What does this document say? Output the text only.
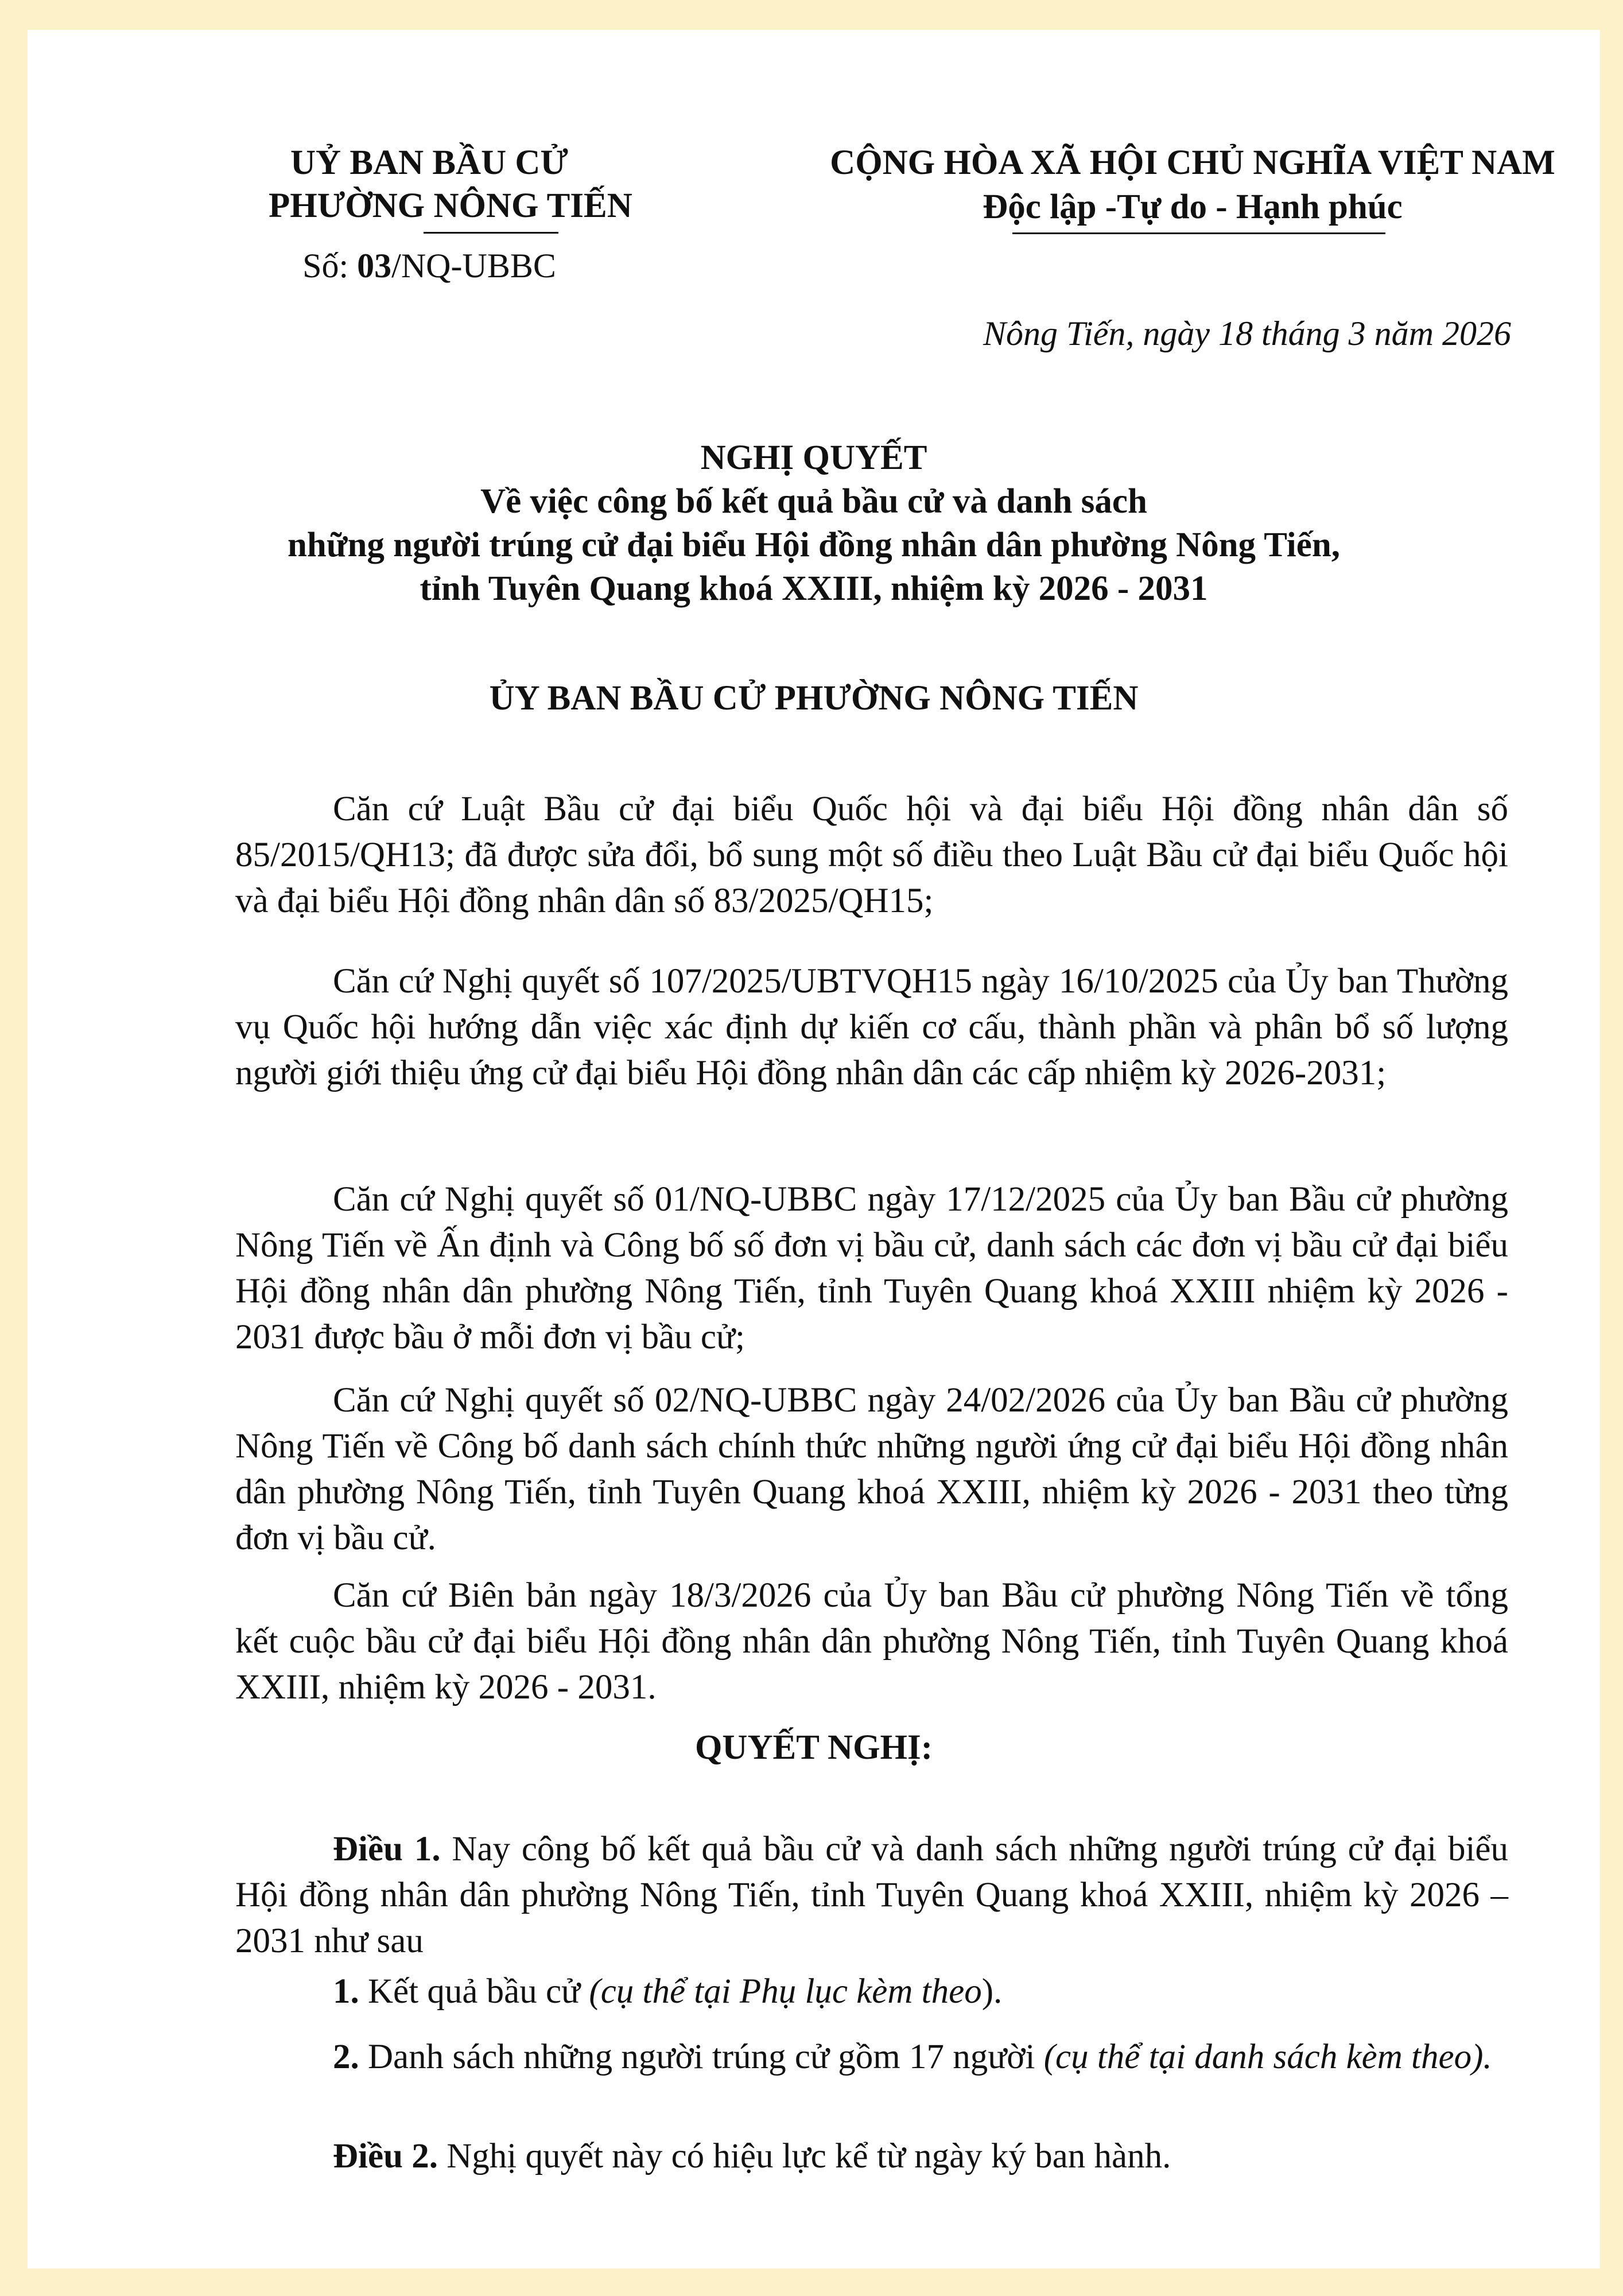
UỶ BAN BẦU CỬ
PHƯỜNG NÔNG TIẾN
Số: 03/NQ-UBBC
CỘNG HÒA XÃ HỘI CHỦ NGHĨA VIỆT NAM
Độc lập -Tự do - Hạnh phúc
Nông Tiến, ngày 18 tháng 3 năm 2026
NGHỊ QUYẾT
Về việc công bố kết quả bầu cử và danh sách
những người trúng cử đại biểu Hội đồng nhân dân phường Nông Tiến,
tỉnh Tuyên Quang khoá XXIII, nhiệm kỳ 2026 - 2031
ỦY BAN BẦU CỬ PHƯỜNG NÔNG TIẾN
Căn cứ Luật Bầu cử đại biểu Quốc hội và đại biểu Hội đồng nhân dân số 85/2015/QH13; đã được sửa đổi, bổ sung một số điều theo Luật Bầu cử đại biểu Quốc hội và đại biểu Hội đồng nhân dân số 83/2025/QH15;
Căn cứ Nghị quyết số 107/2025/UBTVQH15 ngày 16/10/2025 của Ủy ban Thường vụ Quốc hội hướng dẫn việc xác định dự kiến cơ cấu, thành phần và phân bổ số lượng người giới thiệu ứng cử đại biểu Hội đồng nhân dân các cấp nhiệm kỳ 2026-2031;
Căn cứ Nghị quyết số 01/NQ-UBBC ngày 17/12/2025 của Ủy ban Bầu cử phường Nông Tiến về Ấn định và Công bố số đơn vị bầu cử, danh sách các đơn vị bầu cử đại biểu Hội đồng nhân dân phường Nông Tiến, tỉnh Tuyên Quang khoá XXIII nhiệm kỳ 2026 - 2031 được bầu ở mỗi đơn vị bầu cử;
Căn cứ Nghị quyết số 02/NQ-UBBC ngày 24/02/2026 của Ủy ban Bầu cử phường Nông Tiến về Công bố danh sách chính thức những người ứng cử đại biểu Hội đồng nhân dân phường Nông Tiến, tỉnh Tuyên Quang khoá XXIII, nhiệm kỳ 2026 - 2031 theo từng đơn vị bầu cử.
Căn cứ Biên bản ngày 18/3/2026 của Ủy ban Bầu cử phường Nông Tiến về tổng kết cuộc bầu cử đại biểu Hội đồng nhân dân phường Nông Tiến, tỉnh Tuyên Quang khoá XXIII, nhiệm kỳ 2026 - 2031.
QUYẾT NGHỊ:
Điều 1. Nay công bố kết quả bầu cử và danh sách những người trúng cử đại biểu Hội đồng nhân dân phường Nông Tiến, tỉnh Tuyên Quang khoá XXIII, nhiệm kỳ 2026 – 2031 như sau
1. Kết quả bầu cử (cụ thể tại Phụ lục kèm theo).
2. Danh sách những người trúng cử gồm 17 người (cụ thể tại danh sách kèm theo).
Điều 2. Nghị quyết này có hiệu lực kể từ ngày ký ban hành.
